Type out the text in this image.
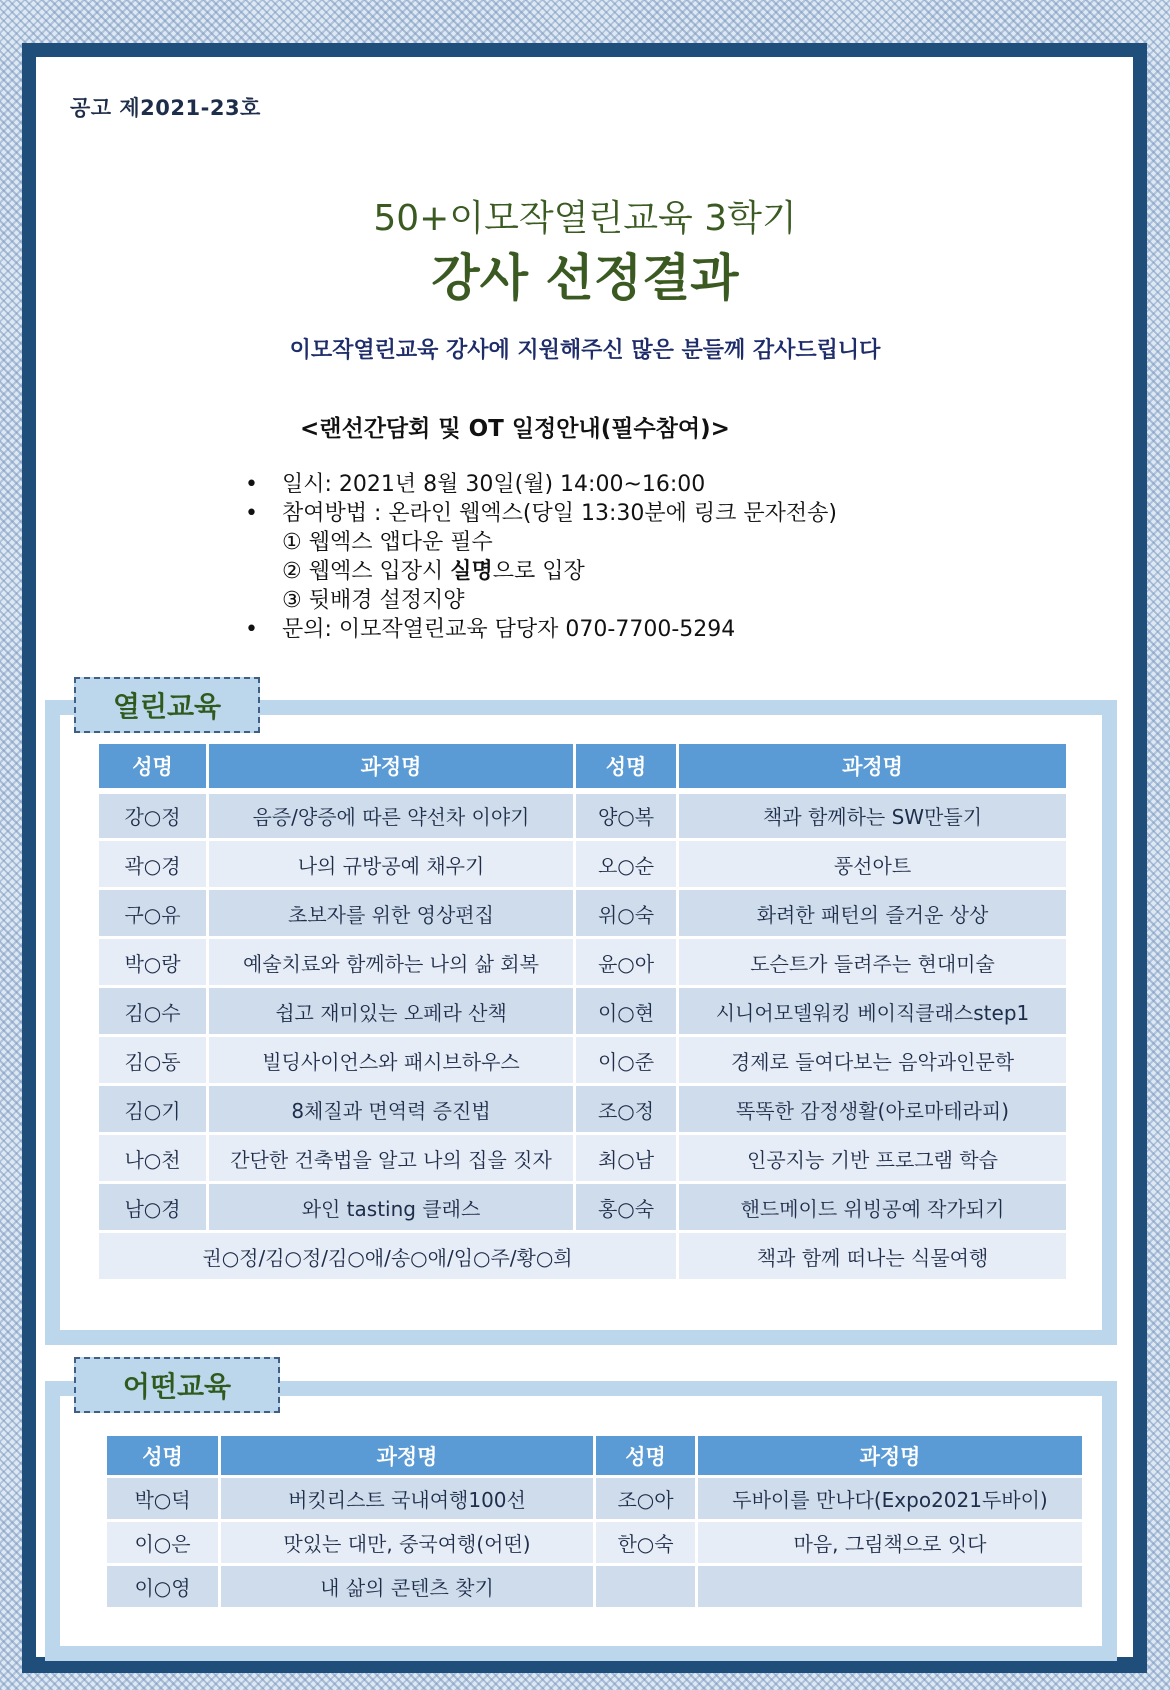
공고 제2021-23호
50+이모작열린교육 3학기
강사 선정결과
이모작열린교육 강사에 지원해주신 많은 분들께 감사드립니다
<랜선간담회 및 OT 일정안내(필수참여)>
•	일시: 2021년 8월 30일(월) 14:00~16:00
•	참여방법 : 온라인 웹엑스(당일 13:30분에 링크 문자전송)
① 웹엑스 앱다운 필수
② 웹엑스 입장시 실명으로 입장
③ 뒷배경 설정지양
•	문의: 이모작열린교육 담당자 070-7700-5294
열린교육
성명	과정명	성명	과정명
강○정	음증/양증에 따른 약선차 이야기	양○복	책과 함께하는 SW만들기
곽○경	나의 규방공예 채우기	오○순	풍선아트
구○유	초보자를 위한 영상편집	위○숙	화려한 패턴의 즐거운 상상
박○랑	예술치료와 함께하는 나의 삶 회복	윤○아	도슨트가 들려주는 현대미술
김○수	쉽고 재미있는 오페라 산책	이○현	시니어모델워킹 베이직클래스step1
김○동	빌딩사이언스와 패시브하우스	이○준	경제로 들여다보는 음악과인문학
김○기	8체질과 면역력 증진법	조○정	똑똑한 감정생활(아로마테라피)
나○천	간단한 건축법을 알고 나의 집을 짓자	최○남	인공지능 기반 프로그램 학습
남○경	와인 tasting 클래스	홍○숙	핸드메이드 위빙공예 작가되기
권○정/김○정/김○애/송○애/임○주/황○희			책과 함께 떠나는 식물여행
어떤교육
성명	과정명	성명	과정명
박○덕	버킷리스트 국내여행100선	조○아	두바이를 만나다(Expo2021두바이)
이○은	맛있는 대만, 중국여행(어떤)	한○숙	마음, 그림책으로 잇다
이○영	내 삶의 콘텐츠 찾기		
